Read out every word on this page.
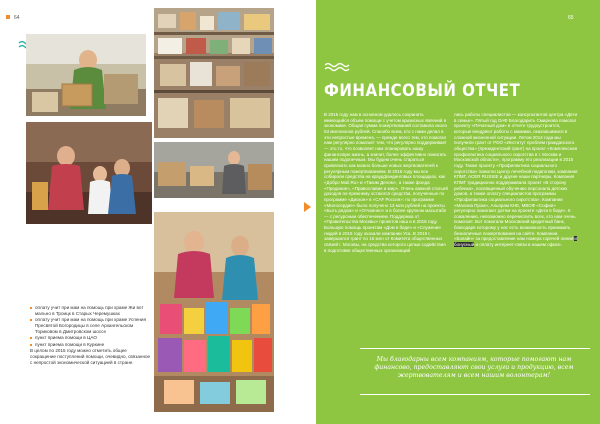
64
оплату учит при мам на помощь при храме Жи вот мально в Троицк в Старых Черемушках
оплату учит при мам на помощь при храме Успения Пресвятой Богородицы в селе Архангельском Ториковом в Дмитровском шоссе
пункт приема помощи в ЦАО
пункт приема помощи в Куркине

В целом по 2015 году можно отметить общее сокращение поступлений помощи, очевидно, связанное с непростой экономической ситуацией в стране.

65
ФИНАНСОВЫЙ ОТЧЕТ

В 2015 году нам в основном удалось сохранить имеющийся объем помощи с учетом кризисных явлений в экономике. Общая сумма пожертвований составила около 53 миллионов рублей. Спасибо всем, кто с нами делал в эти непростые времена, — прежде всего тем, кто помогал нам регулярно помогает тем, что регулярно поддерживает — это то, что позволяет нам планировать нашу финансовую жизнь, а значит, более эффективно помогать нашим подопечным. Мы будем очень стараться привлекать как можно больше новых жертвователей к регулярным пожертвованиям. В 2015 году мы все собирали средства на краудфандинговых площадках, как «Добро Mail.Ru» и «Таким Делом», а также фонда «Предание», «Православие и мир». Очень важной статьей доходов по-прежнему остаются средства, полученные по программе «Дискон» в «CAF Россия»: по программе «Милосердие» было получено 13 млн рублей на проекты «Быть рядом» и «Отчаянно» и в более крупном масштабе — с ресурсным обеспечением. Поддержка от «Правительства Москвы» проектов наш и в 2016 году. Большую помощь проектам «Дом в беде» и «Служение людей в 2016 году оказали компании Уса. В 2015 г. завершился грант по 16 млн от Комитета общественных связей г. Москвы, на средства которого целью содействия в подготовке общественных организаций

лись работы специалистов — консультантов центра «Дети в семье». Пятый год ОАФ Благодарить Смирнова помогал проекту «Печатный дом» в отчете трудоустроится, которые внедряют работы с мамами, оказавшимися в сложной жизненной ситуации. Летом 2014 года мы получили грант от РОО «Институт проблем гражданского общества» (президентский грант) на проект «Комплексная профилактика социального сиротства в г. Москва и Московской области», программу его реализации в 2015 году. Также проекту «Профилактика социального сиротства» помогли Центр лечебной педагогики, компания КПМГ, ACER RUSSIE и другие наши партнеры. Компания КПМГ традиционно поддерживала проект «В сторону ребенка», посвященный обучению персонала детских домов, а также оплату специалистов программы «Профилактика социального сиротства». Компании «Малина Пром», Альпрам КНЕ, МВОФ «София» регулярно помогают детям на проекте «Дети в беде». К сожалению, невозможно перечислить всех, кто нам очень помогает. Вот помогали Московский кредитный банк, благодаря которому у нас есть возможность принимать безналичные пожертвования на сайте. Компании «Бэлайн» за предоставление нам номера горячей линии и бонусный и оплату интернет-связи в нашем офисе.

Мы благодарны всем компаниям, которые помогают нам финансово, предоставляют свои услуги и продукцию, всем жертвователям и всем нашим волонтерам!
